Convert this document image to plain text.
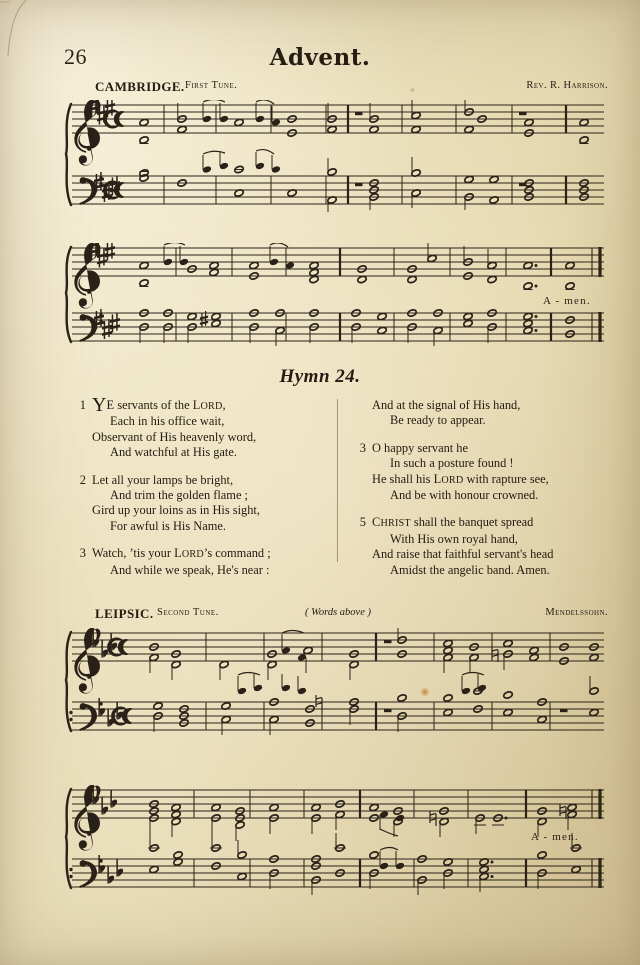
26	Advent.
CAMBRIDGE. First Tune.	Rev. R. Harrison.
A - men.
Hymn 24.
1 YE servants of the LORD,
Each in his office wait,
Observant of His heavenly word,
And watchful at His gate.
2 Let all your lamps be bright,
And trim the golden flame ;
Gird up your loins as in His sight,
For awful is His Name.
3 Watch, ’tis your LORD’s command ;
And while we speak, He's near :
And at the signal of His hand,
Be ready to appear.
3 O happy servant he
In such a posture found !
He shall his LORD with rapture see,
And be with honour crowned.
5 CHRIST shall the banquet spread
With His own royal hand,
And raise that faithful servant's head
Amidst the angelic band. Amen.
LEIPSIC. Second Tune.	( Words above )	Mendelssohn.
A - men.
